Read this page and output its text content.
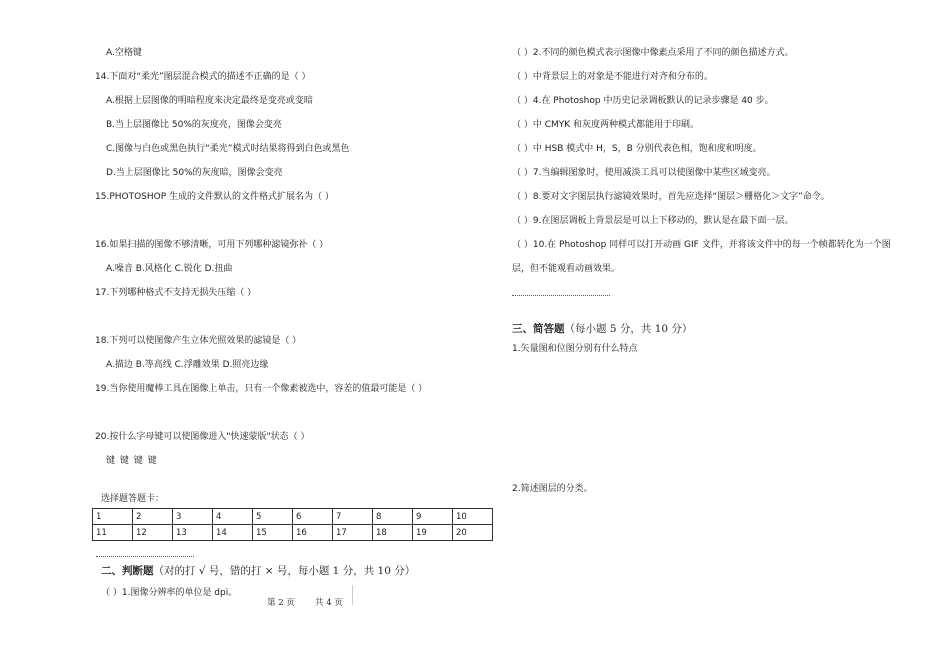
A.空格键
14.下面对“柔光”图层混合模式的描述不正确的是（ ）
A.根据上层图像的明暗程度来决定最终是变亮或变暗
B.当上层图像比 50%的灰度亮，图像会变亮
C.图像与白色或黑色执行“柔光”模式时结果将得到白色或黑色
D.当上层图像比 50%的灰度暗，图像会变亮
15.PHOTOSHOP 生成的文件默认的文件格式扩展名为（ ）
16.如果扫描的图像不够清晰，可用下列哪种滤镜弥补（ ）
A.噪音 B.风格化 C.锐化 D.扭曲
17.下列哪种格式不支持无损失压缩（ ）
18.下列可以使图像产生立体光照效果的滤镜是（ ）
A.描边 B.等高线 C.浮雕效果 D.照亮边缘
19.当你使用魔棒工具在图像上单击，只有一个像素被选中，容差的值最可能是（ ）
20.按什么字母键可以使图像进入"快速蒙版"状态（ ）
键 键 键 键
选择题答题卡：
1	2	3	4	5	6	7	8	9	10
11	12	13	14	15	16	17	18	19	20
二、判断题（对的打 √ 号，错的打 × 号，每小题 1 分，共 10 分）
（ ）1.图像分辨率的单位是 dpi。
（ ）2.不同的颜色模式表示图像中像素点采用了不同的颜色描述方式。
（ ）中背景层上的对象是不能进行对齐和分布的。
（ ）4.在 Photoshop 中历史记录调板默认的记录步骤是 40 步。
（ ）中 CMYK 和灰度两种模式都能用于印刷。
（ ）中 HSB 模式中 H，S，B 分别代表色相，饱和度和明度。
（ ）7.当编辑图象时，使用减淡工具可以使图像中某些区域变亮。
（ ）8.要对文字图层执行滤镜效果时，首先应选择“图层＞栅格化＞文字”命令。
（ ）9.在图层调板上背景层是可以上下移动的，默认是在最下面一层。
（ ）10.在 Photoshop 同样可以打开动画 GIF 文件，并将该文件中的每一个帧都转化为一个图
层，但不能观看动画效果。
三、简答题（每小题 5 分，共 10 分）
1.矢量图和位图分别有什么特点
2.简述图层的分类。
第 2 页 共 4 页
